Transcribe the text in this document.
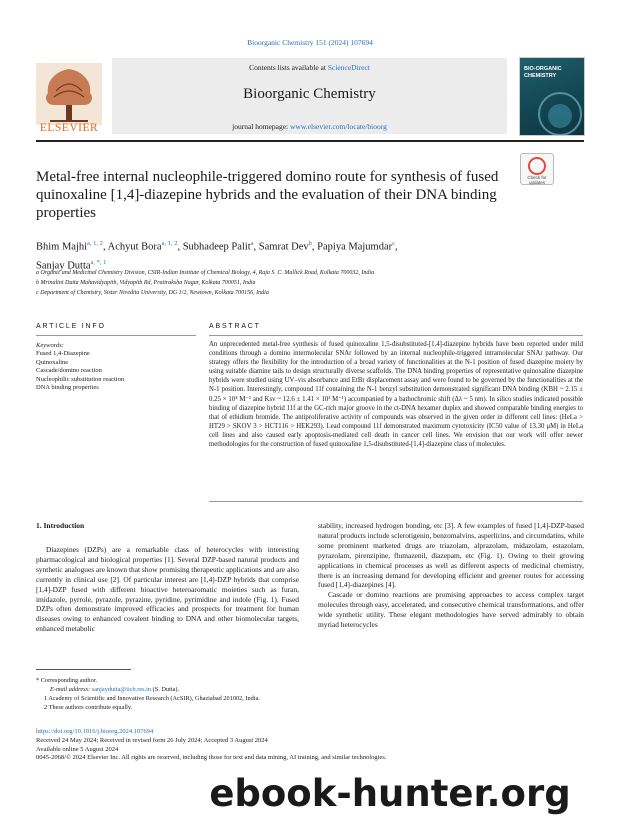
Bioorganic Chemistry 151 (2024) 107694
ELSEVIER
Contents lists available at ScienceDirect
Bioorganic Chemistry
journal homepage: www.elsevier.com/locate/bioorg
BIO-ORGANIC CHEMISTRY
Check for updates
Metal-free internal nucleophile-triggered domino route for synthesis of fused quinoxaline [1,4]-diazepine hybrids and the evaluation of their DNA binding properties
Bhim Majhi$^{a, 1, 2}$, Achyut Bora$^{a, 1, 2}$, Subhadeep Palit$^a$, Samrat Dev$^b$, Papiya Majumdar$^c$,
Sanjay Dutta$^{a, *, 1}$
a Organic and Medicinal Chemistry Division, CSIR-Indian Institute of Chemical Biology, 4, Raja S. C. Mullick Road, Kolkata 700032, India
b Mrinalini Dutta Mahavidyapith, Vidyapith Rd, Pratiraksha Nagar, Kolkata 700051, India
c Department of Chemistry, Sister Nivedita University, DG 1/2, Newtown, Kolkata 700156, India
ARTICLE INFO
Keywords:
Fused 1,4-Diazepine
Quinoxaline
Cascade/domino reaction
Nucleophilic substitution reaction
DNA binding properties
ABSTRACT
An unprecedented metal-free synthesis of fused quinoxaline 1,5-disubstituted-[1,4]-diazepine hybrids have been reported under mild conditions through a domino intermolecular SNAr followed by an internal nucleophile-triggered intramolecular SNAr pathway. Our strategy offers the flexibility for the introduction of a broad variety of functionalities at the N-1 position of fused diazepine moiety by using suitable diamine tails to design structurally diverse scaffolds. The DNA binding properties of representative quinoxaline diazepine hybrids were studied using UV–vis absorbance and EtBr displacement assay and were found to be governed by the functionalities at the N-1 position. Interestingly, compound 11f containing the N-1 benzyl substitution demonstrated significant DNA binding (KBH ~ 2.15 ± 0.25 × 10⁴ M⁻¹ and Ksv ~ 12.6 ± 1.41 × 10³ M⁻¹) accompanied by a bathochromic shift (Δλ ~ 5 nm). In silico studies indicated possible binding of diazepine hybrid 11f at the GC-rich major groove in the ct-DNA hexamer duplex and showed comparable binding energies to that of ethidium bromide. The antiproliferative activity of compounds was observed in the given order in different cell lines: (HeLa > HT29 > SKOV 3 > HCT116 > HEK293). Lead compound 11f demonstrated maximum cytotoxicity (IC50 value of 13.30 μM) in HeLa cell lines and also caused early apoptosis-mediated cell death in cancer cell lines. We envision that our work will offer newer methodologies for the construction of fused quinoxaline 1,5-disubstituted-[1,4]-diazepine class of molecules.
1. Introduction
Diazepines (DZPs) are a remarkable class of heterocycles with interesting pharmacological and biological properties [1]. Several DZP-based natural products and synthetic analogues are known that show promising therapeutic applications and are also currently in clinical use [2]. Of particular interest are [1,4]-DZP hybrids that comprise [1,4]-DZP fused with different bioactive heteroaromatic moieties such as furan, imidazole, pyrrole, pyrazole, pyrazine, pyridine, pyrimidine and indole (Fig. 1). Fused DZPs often demonstrate improved efficacies and prospects for treatment for human diseases owing to enhanced covalent binding to DNA and other biomolecular targets, enhanced metabolic

stability, increased hydrogen bonding, etc [3]. A few examples of fused [1,4]-DZP-based natural products include sclerotigenin, benzomalvins, asperlicins, and circumdatins, while some prominent marketed drugs are triazolam, alprazolam, midazolam, estazolam, pyrazolam, pirenzipine, flumazenil, diazepam, etc (Fig. 1). Owing to their growing applications in chemical processes as well as different aspects of medicinal chemistry, there is an increasing demand for developing efficient and greener routes for accessing fused [1,4]-diazepines [4].

Cascade or domino reactions are promising approaches to access complex target molecules through easy, accelerated, and consecutive chemical transformations, and offer wide synthetic utility. These elegant methodologies have served admirably to obtain myriad heterocycles

* Corresponding author.
E-mail address: sanjaydutta@iicb.res.in (S. Dutta).
1 Academy of Scientific and Innovative Research (AcSIR), Ghaziabad 201002, India.
2 These authors contribute equally.
https://doi.org/10.1016/j.bioorg.2024.107694
Received 24 May 2024; Received in revised form 26 July 2024; Accepted 3 August 2024
Available online 5 August 2024
0045-2068/© 2024 Elsevier Inc. All rights are reserved, including those for text and data mining, AI training, and similar technologies.
ebook-hunter.org
